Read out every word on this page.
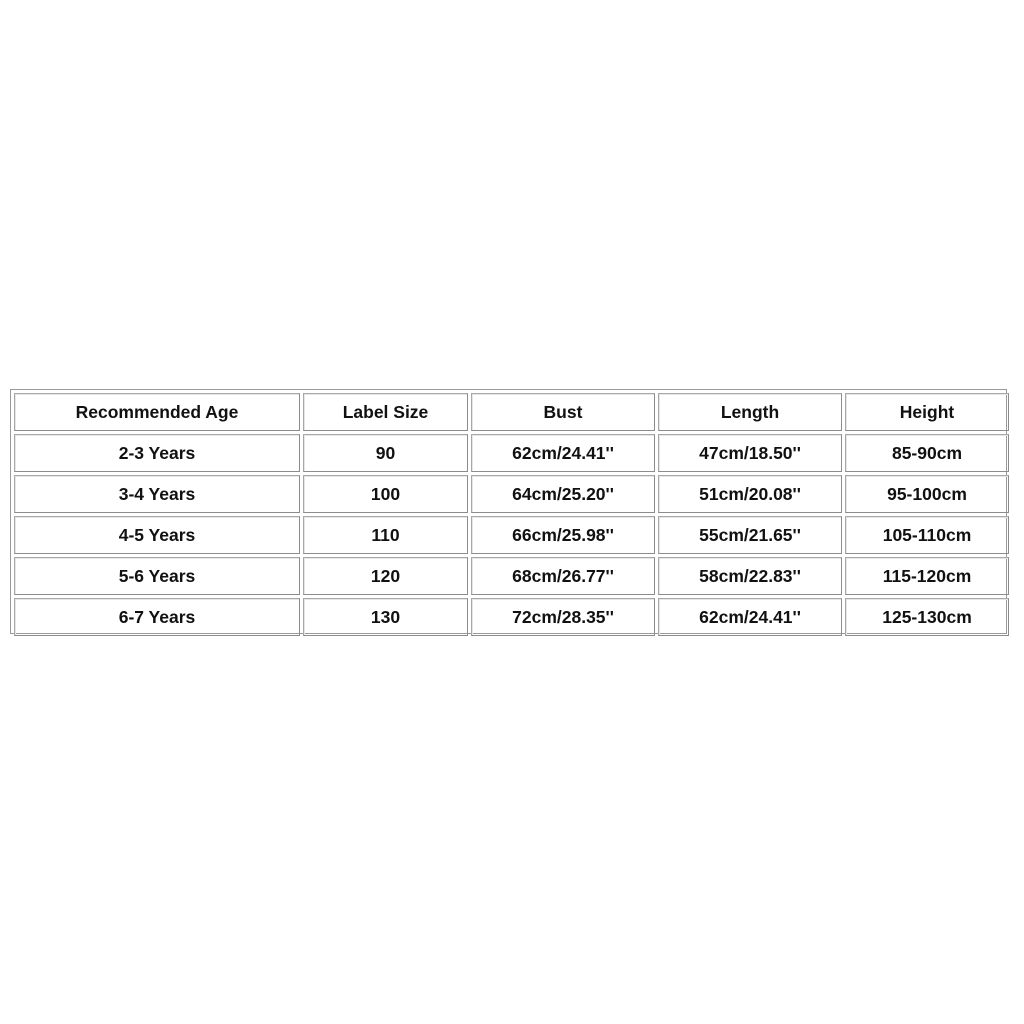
Recommended Age	Label Size	Bust	Length	Height
2-3 Years	90	62cm/24.41''	47cm/18.50''	85-90cm
3-4 Years	100	64cm/25.20''	51cm/20.08''	95-100cm
4-5 Years	110	66cm/25.98''	55cm/21.65''	105-110cm
5-6 Years	120	68cm/26.77''	58cm/22.83''	115-120cm
6-7 Years	130	72cm/28.35''	62cm/24.41''	125-130cm
